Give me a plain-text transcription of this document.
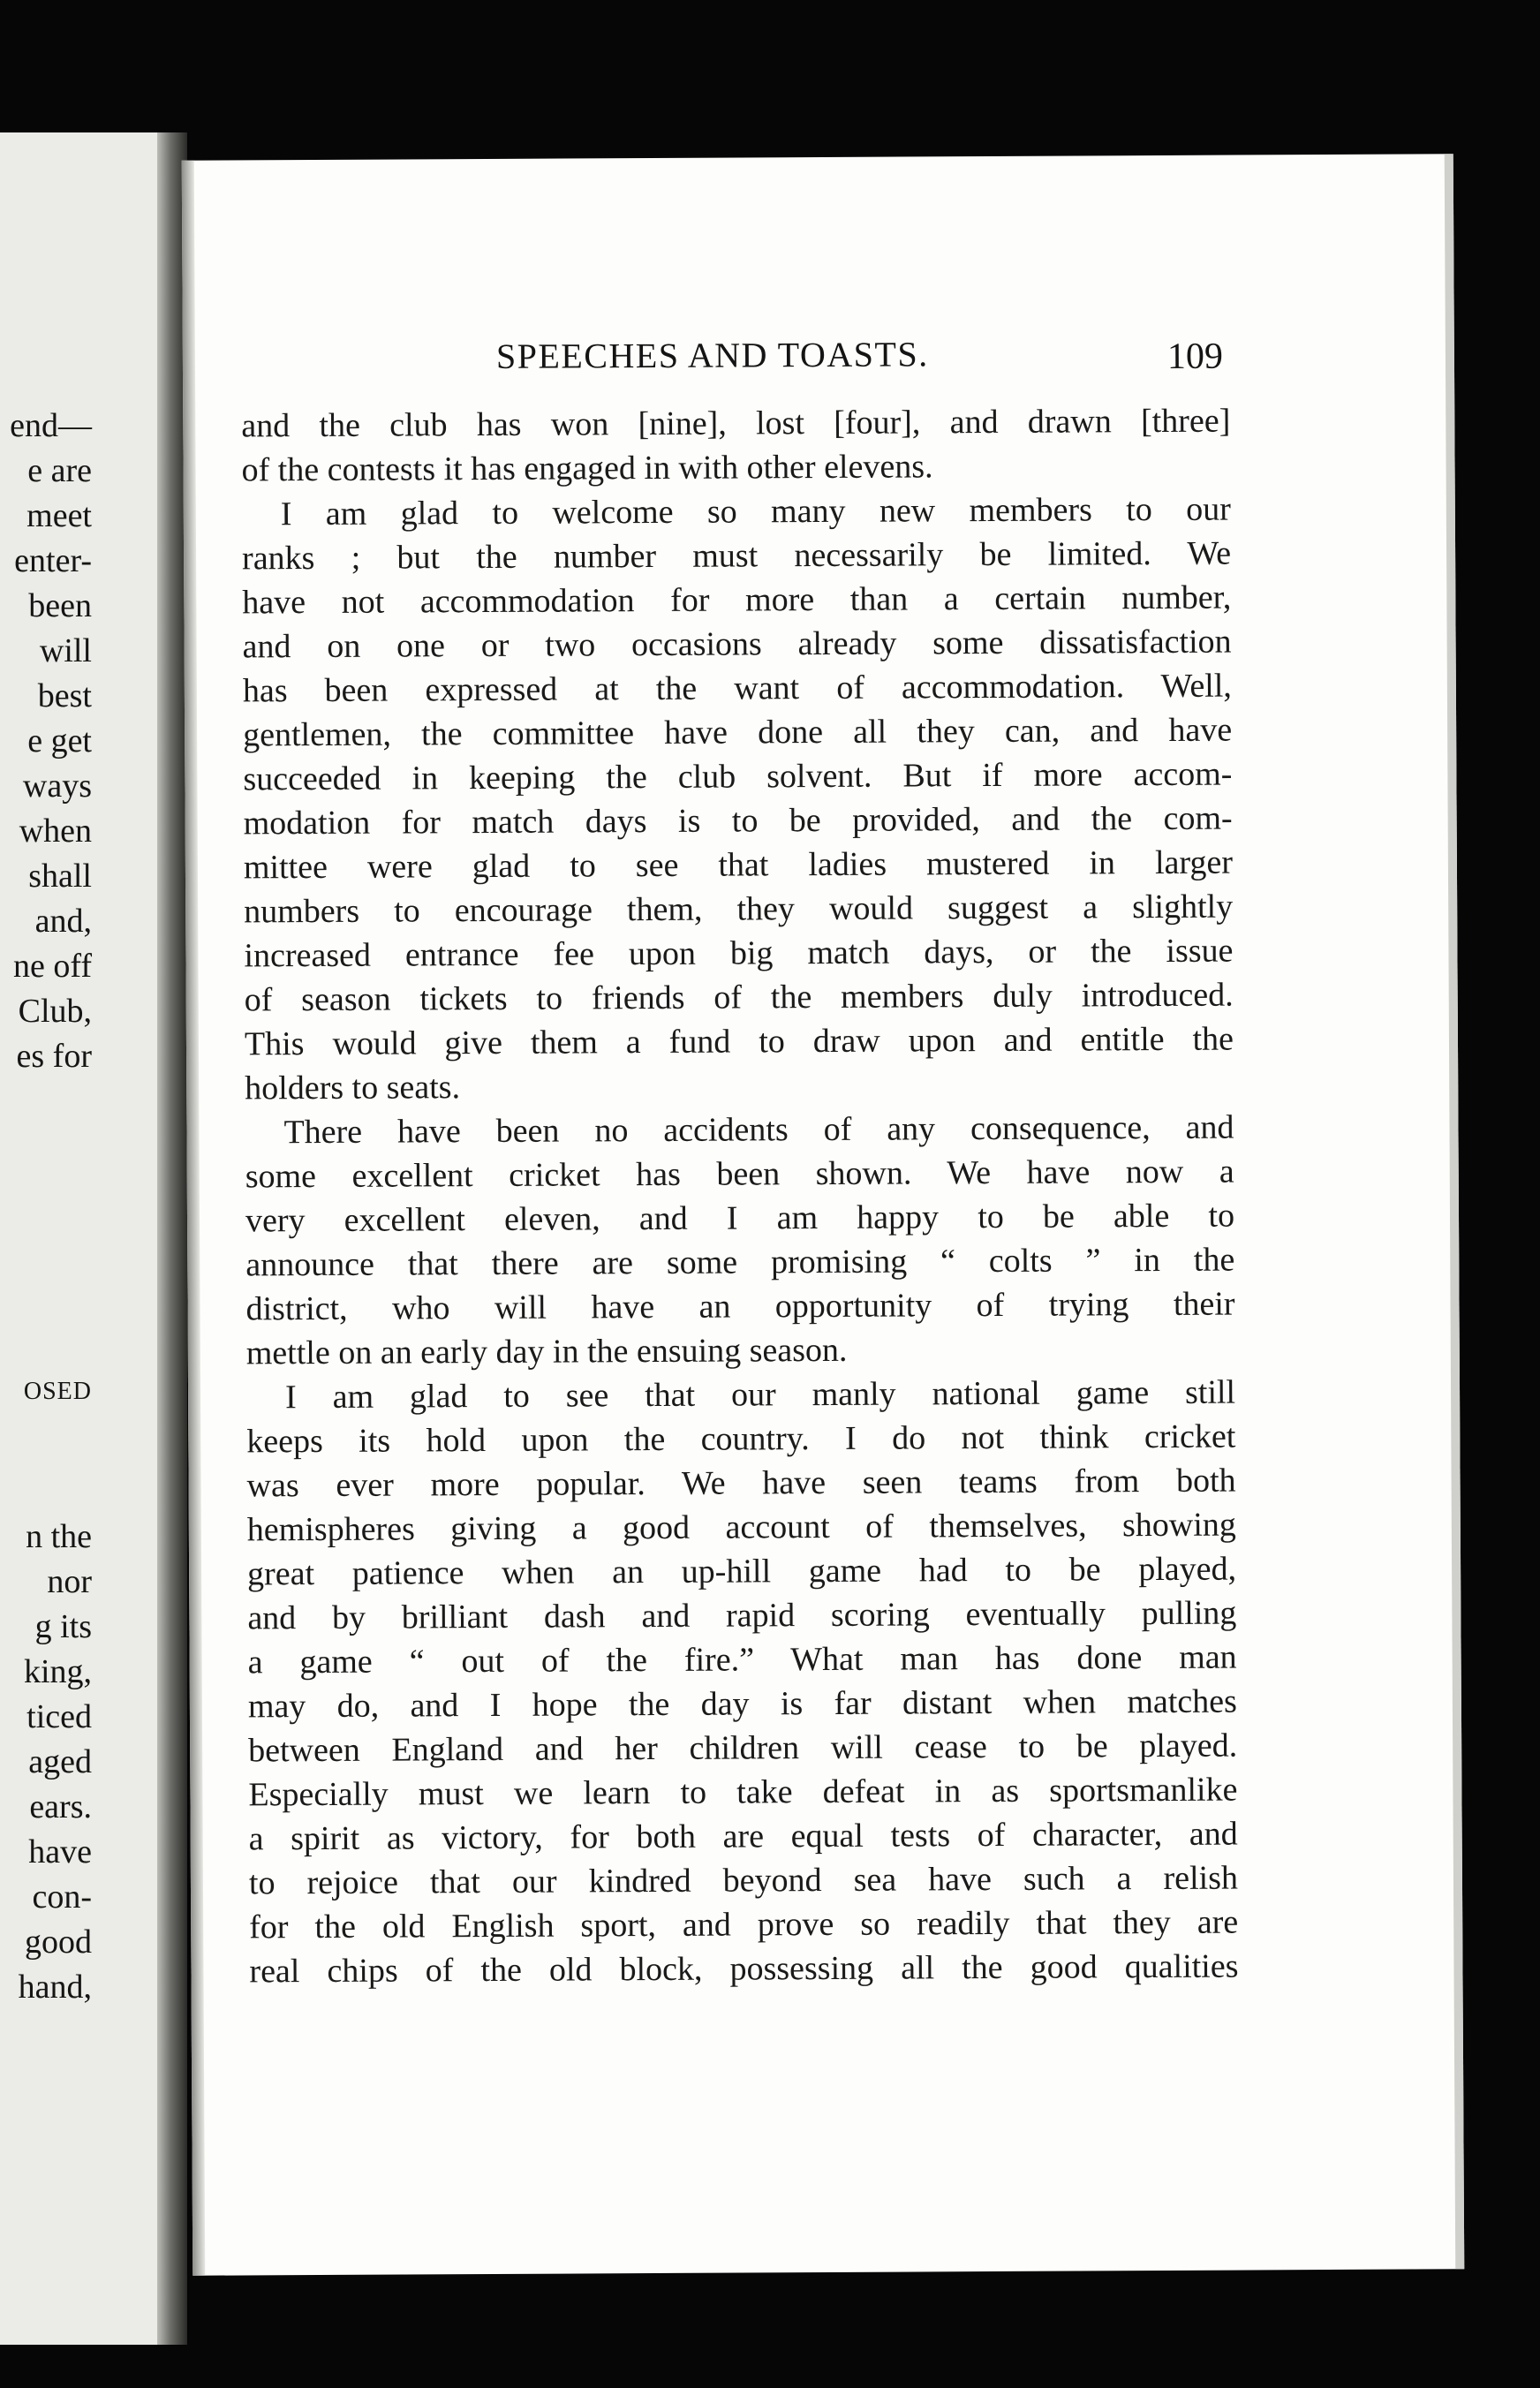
end—
e are
meet
enter-
been
will
best
e get
ways
when
shall
and,
ne off
Club,
es for
OSED
n the
nor
g its
king,
ticed
aged
ears.
have
con-
good
hand,
SPEECHES AND TOASTS.	109
and the club has won [nine], lost [four], and drawn [three]
of the contests it has engaged in with other elevens.
I am glad to welcome so many new members to our
ranks ; but the number must necessarily be limited. We
have not accommodation for more than a certain number,
and on one or two occasions already some dissatisfaction
has been expressed at the want of accommodation. Well,
gentlemen, the committee have done all they can, and have
succeeded in keeping the club solvent. But if more accom-
modation for match days is to be provided, and the com-
mittee were glad to see that ladies mustered in larger
numbers to encourage them, they would suggest a slightly
increased entrance fee upon big match days, or the issue
of season tickets to friends of the members duly introduced.
This would give them a fund to draw upon and entitle the
holders to seats.
There have been no accidents of any consequence, and
some excellent cricket has been shown. We have now a
very excellent eleven, and I am happy to be able to
announce that there are some promising “ colts ” in the
district, who will have an opportunity of trying their
mettle on an early day in the ensuing season.
I am glad to see that our manly national game still
keeps its hold upon the country. I do not think cricket
was ever more popular. We have seen teams from both
hemispheres giving a good account of themselves, showing
great patience when an up-hill game had to be played,
and by brilliant dash and rapid scoring eventually pulling
a game “ out of the fire.” What man has done man
may do, and I hope the day is far distant when matches
between England and her children will cease to be played.
Especially must we learn to take defeat in as sportsmanlike
a spirit as victory, for both are equal tests of character, and
to rejoice that our kindred beyond sea have such a relish
for the old English sport, and prove so readily that they are
real chips of the old block, possessing all the good qualities
